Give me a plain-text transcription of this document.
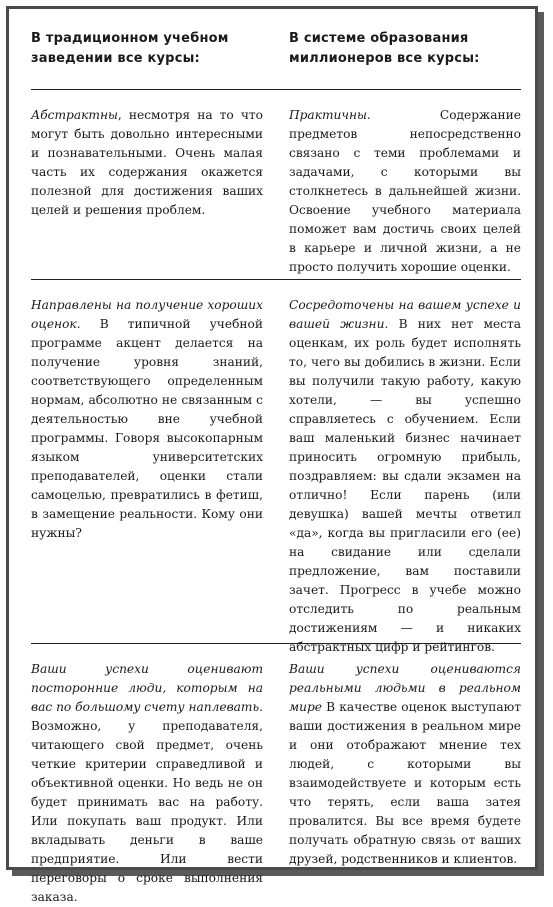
В традиционном учебном заведении все курсы:
В системе образования миллионеров все курсы:
Абстрактны, несмотря на то что могут быть довольно интересными и познавательными. Очень малая часть их содержания окажется полезной для достижения ваших целей и решения проблем.
Практичны. Содержание предметов непосредственно связано с теми проблемами и задачами, с которыми вы столкнетесь в дальнейшей жизни. Освоение учебного материала поможет вам достичь своих целей в карьере и личной жизни, а не просто получить хорошие оценки.
Направлены на получение хороших оценок. В типичной учебной программе акцент делается на получение уровня знаний, соответствующего определенным нормам, абсолютно не связанным с деятельностью вне учебной программы. Говоря высокопарным языком университетских преподавателей, оценки стали самоцелью, превратились в фетиш, в замещение реальности. Кому они нужны?
Сосредоточены на вашем успехе и вашей жизни. В них нет места оценкам, их роль будет исполнять то, чего вы добились в жизни. Если вы получили такую работу, какую хотели, — вы успешно справляетесь с обучением. Если ваш маленький бизнес начинает приносить огромную прибыль, поздравляем: вы сдали экзамен на отлично! Если парень (или девушка) вашей мечты ответил «да», когда вы пригласили его (ее) на свидание или сделали предложение, вам поставили зачет. Прогресс в учебе можно отследить по реальным достижениям — и никаких абстрактных цифр и рейтингов.
Ваши успехи оценивают посторонние люди, которым на вас по большому счету наплевать. Возможно, у преподавателя, читающего свой предмет, очень четкие критерии справедливой и объективной оценки. Но ведь не он будет принимать вас на работу. Или покупать ваш продукт. Или вкладывать деньги в ваше предприятие. Или вести переговоры о сроке выполнения заказа.
Ваши успехи оцениваются реальными людьми в реальном мире В качестве оценок выступают ваши достижения в реальном мире и они отображают мнение тех людей, с которыми вы взаимодействуете и которым есть что терять, если ваша затея провалится. Вы все время будете получать обратную связь от ваших друзей, родственников и клиентов.
